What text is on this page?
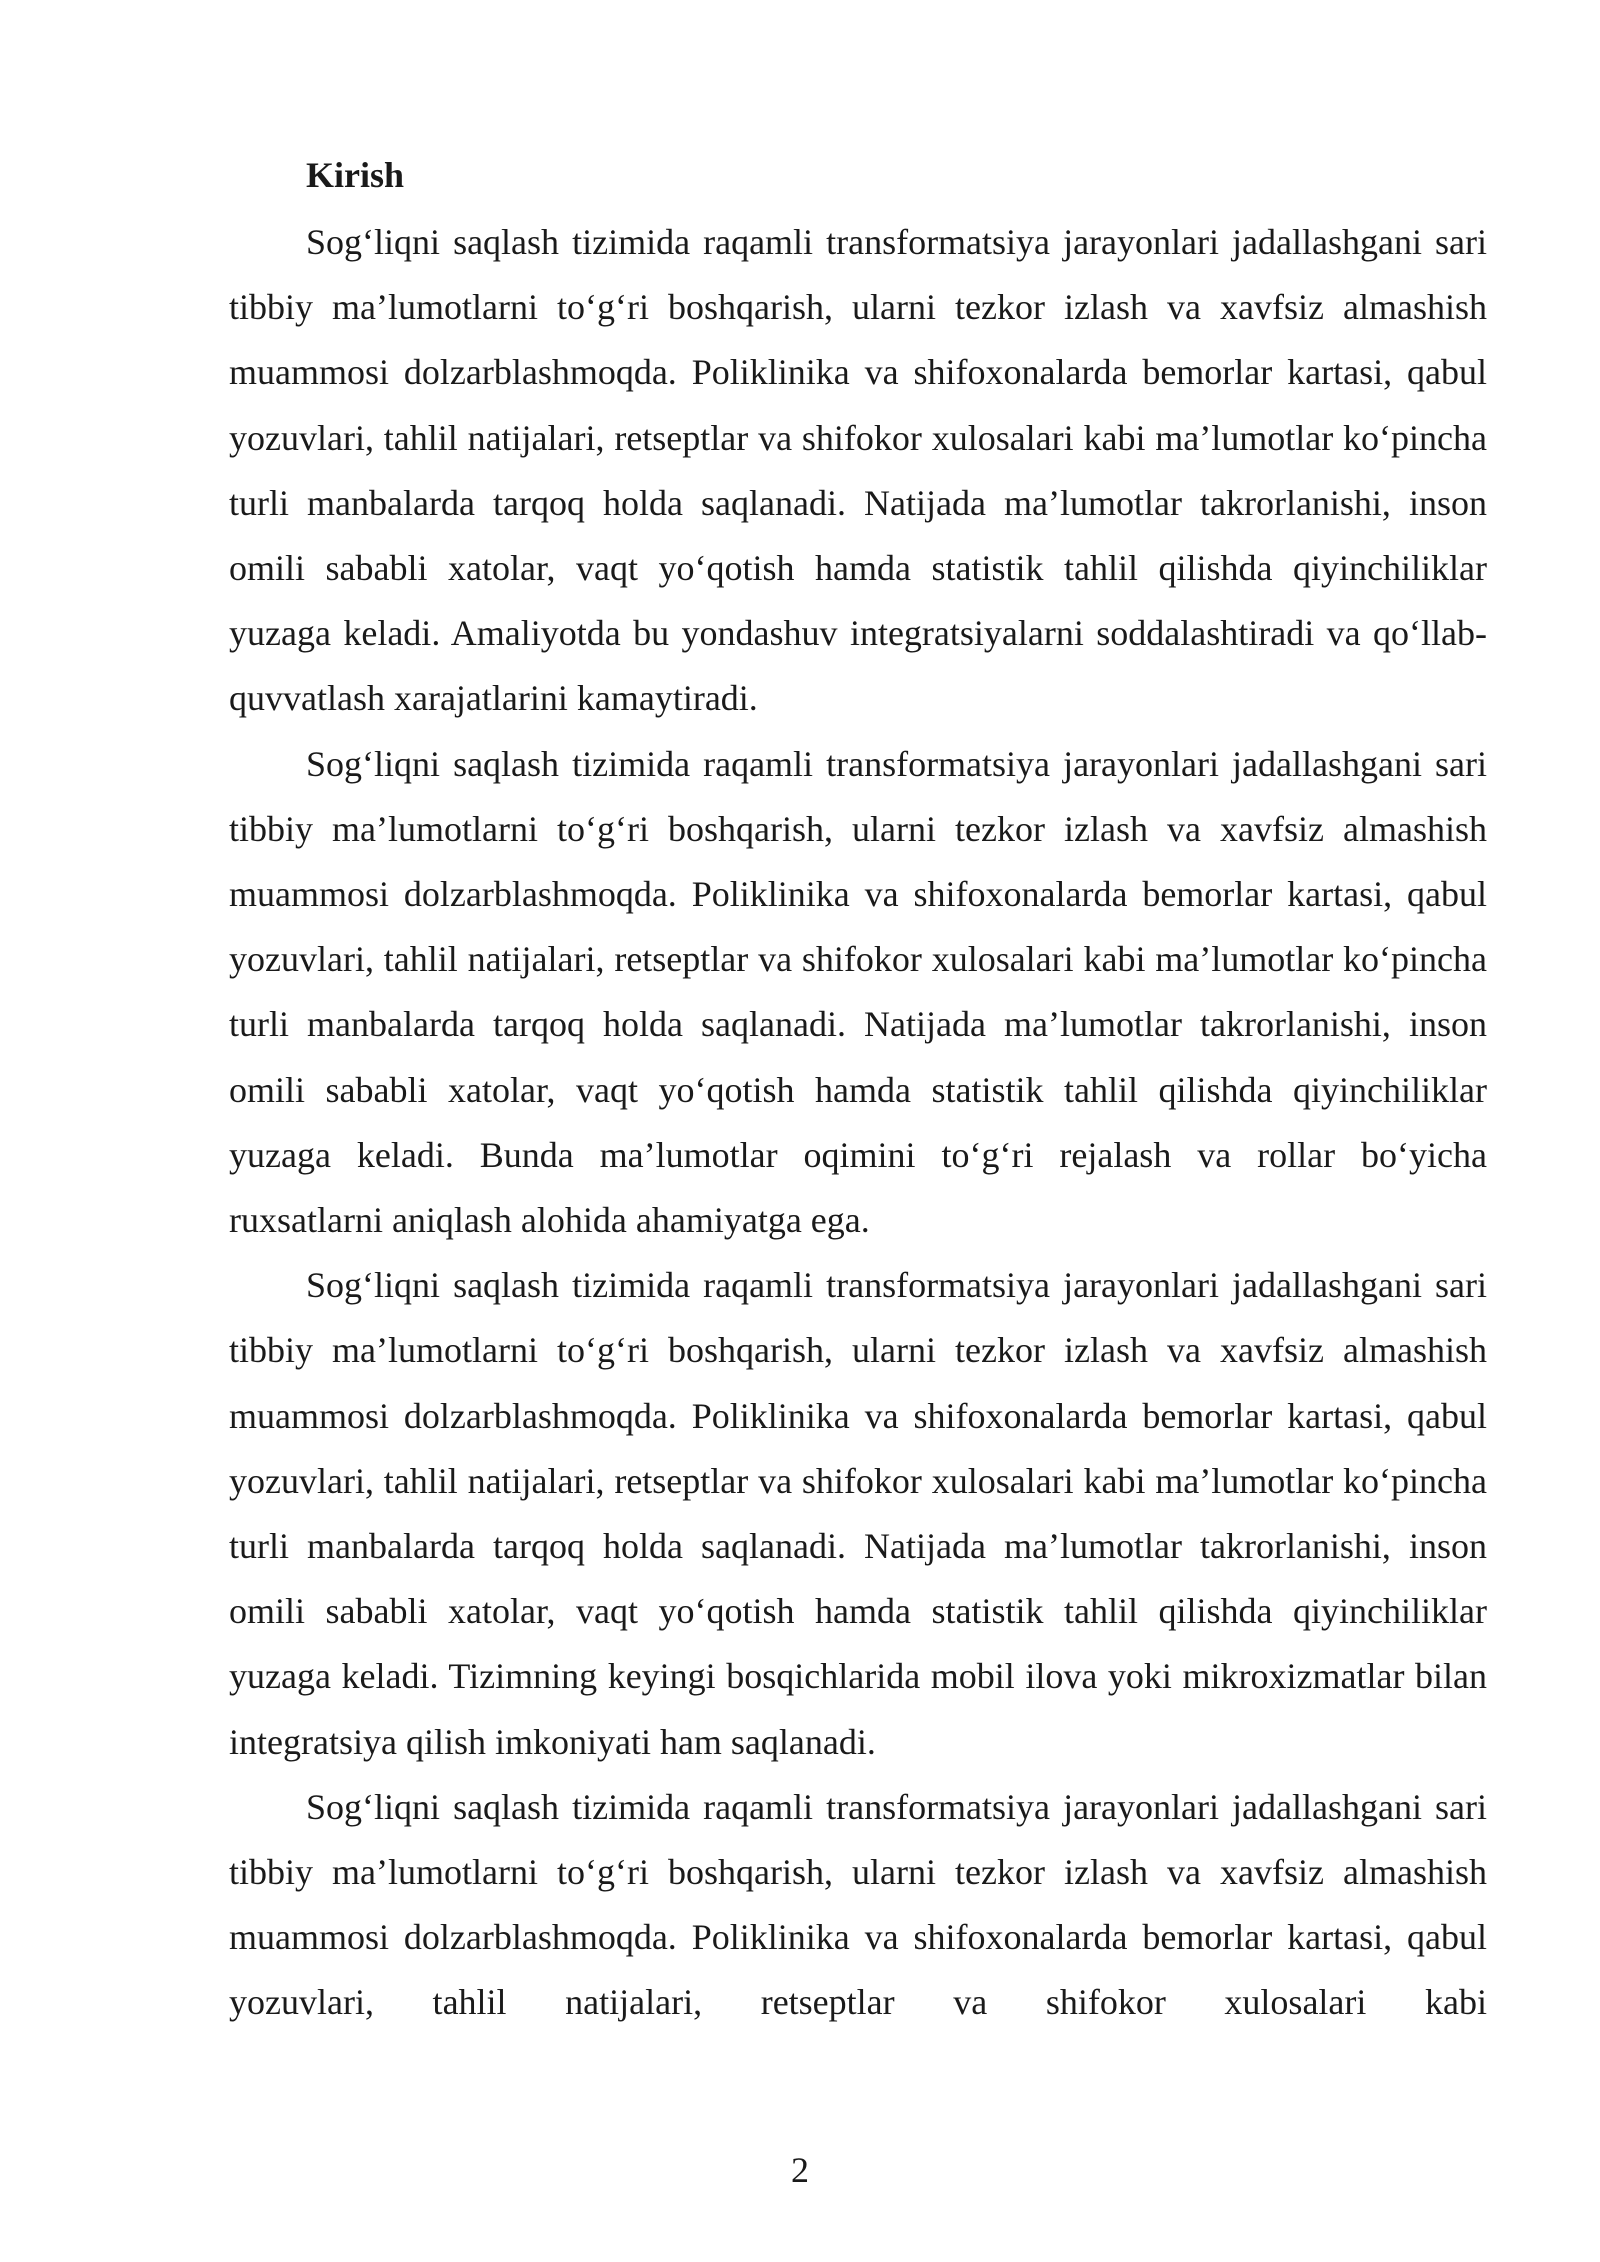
Kirish

Sog‘liqni saqlash tizimida raqamli transformatsiya jarayonlari jadallashgani sari tibbiy ma’lumotlarni to‘g‘ri boshqarish, ularni tezkor izlash va xavfsiz almashish muammosi dolzarblashmoqda. Poliklinika va shifoxonalarda bemorlar kartasi, qabul yozuvlari, tahlil natijalari, retseptlar va shifokor xulosalari kabi ma’lumotlar ko‘pincha turli manbalarda tarqoq holda saqlanadi. Natijada ma’lumotlar takrorlanishi, inson omili sababli xatolar, vaqt yo‘qotish hamda statistik tahlil qilishda qiyinchiliklar yuzaga keladi. Amaliyotda bu yondashuv integratsiyalarni soddalashtiradi va qo‘llab-quvvatlash xarajatlarini kamaytiradi.

Sog‘liqni saqlash tizimida raqamli transformatsiya jarayonlari jadallashgani sari tibbiy ma’lumotlarni to‘g‘ri boshqarish, ularni tezkor izlash va xavfsiz almashish muammosi dolzarblashmoqda. Poliklinika va shifoxonalarda bemorlar kartasi, qabul yozuvlari, tahlil natijalari, retseptlar va shifokor xulosalari kabi ma’lumotlar ko‘pincha turli manbalarda tarqoq holda saqlanadi. Natijada ma’lumotlar takrorlanishi, inson omili sababli xatolar, vaqt yo‘qotish hamda statistik tahlil qilishda qiyinchiliklar yuzaga keladi. Bunda ma’lumotlar oqimini to‘g‘ri rejalash va rollar bo‘yicha ruxsatlarni aniqlash alohida ahamiyatga ega.

Sog‘liqni saqlash tizimida raqamli transformatsiya jarayonlari jadallashgani sari tibbiy ma’lumotlarni to‘g‘ri boshqarish, ularni tezkor izlash va xavfsiz almashish muammosi dolzarblashmoqda. Poliklinika va shifoxonalarda bemorlar kartasi, qabul yozuvlari, tahlil natijalari, retseptlar va shifokor xulosalari kabi ma’lumotlar ko‘pincha turli manbalarda tarqoq holda saqlanadi. Natijada ma’lumotlar takrorlanishi, inson omili sababli xatolar, vaqt yo‘qotish hamda statistik tahlil qilishda qiyinchiliklar yuzaga keladi. Tizimning keyingi bosqichlarida mobil ilova yoki mikroxizmatlar bilan integratsiya qilish imkoniyati ham saqlanadi.

Sog‘liqni saqlash tizimida raqamli transformatsiya jarayonlari jadallashgani sari tibbiy ma’lumotlarni to‘g‘ri boshqarish, ularni tezkor izlash va xavfsiz almashish muammosi dolzarblashmoqda. Poliklinika va shifoxonalarda bemorlar kartasi, qabul yozuvlari, tahlil natijalari, retseptlar va shifokor xulosalari kabi

2
